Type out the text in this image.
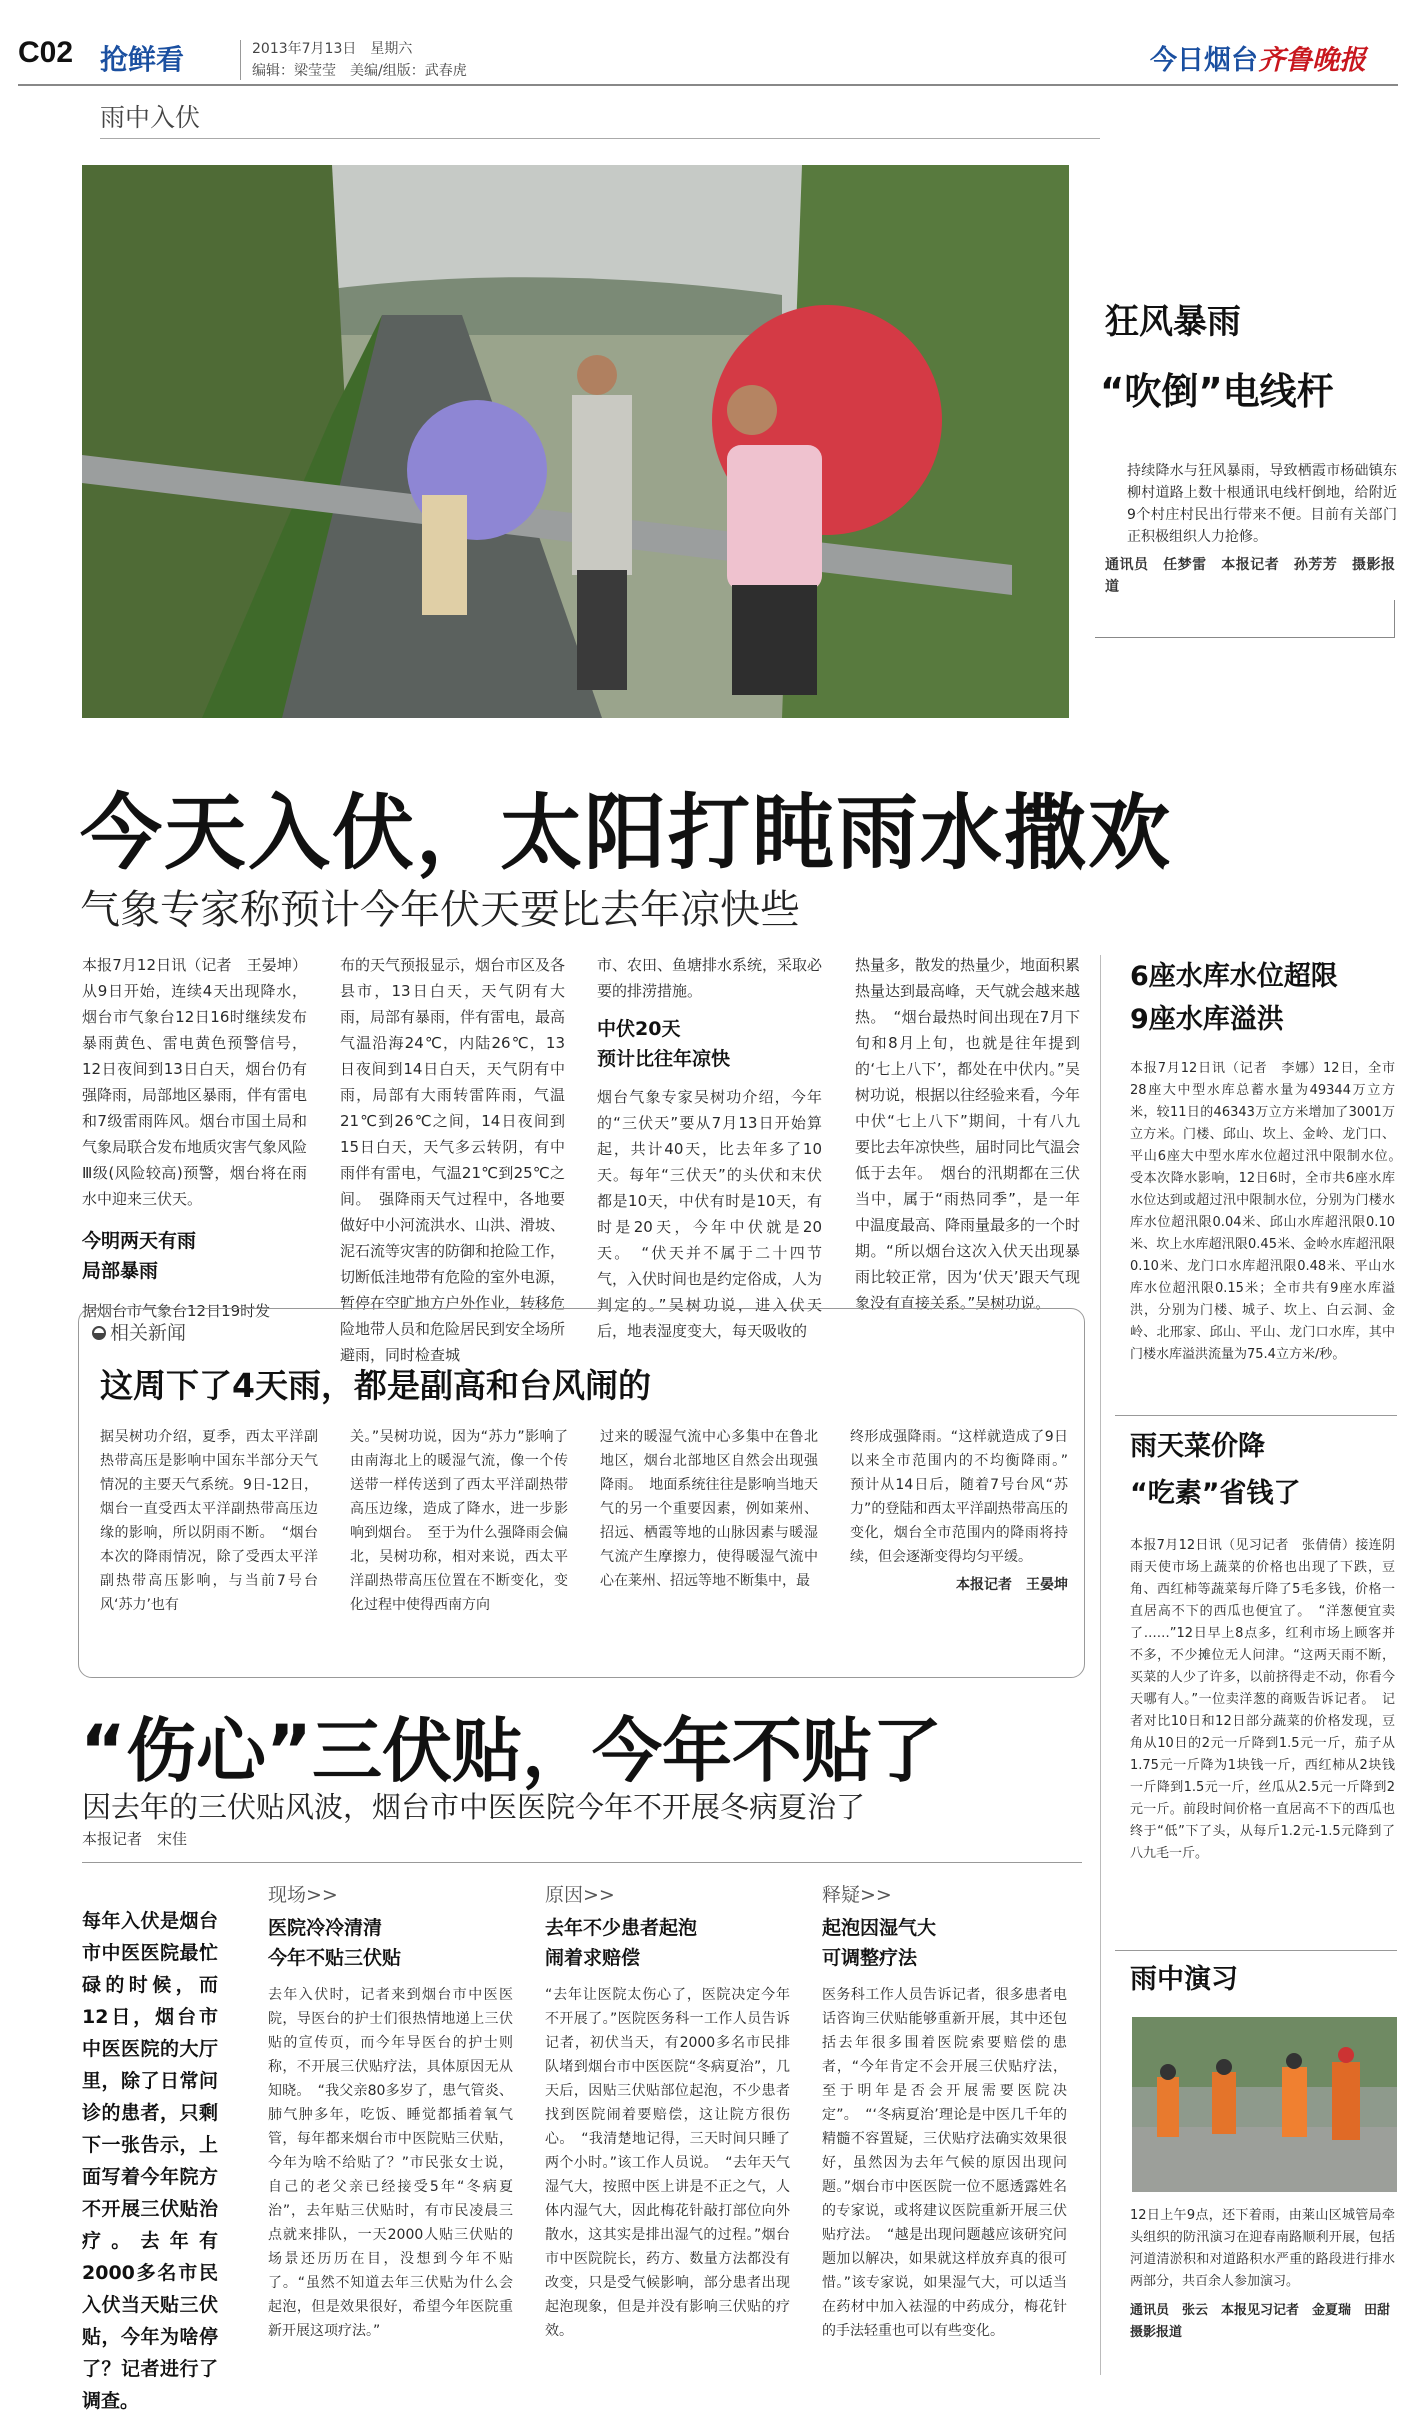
C02 抢鲜看	2013年7月13日　星期六
编辑：梁莹莹　美编/组版：武春虎	今日烟台齐鲁晚报
雨中入伏
狂风暴雨
“吹倒”电线杆
持续降水与狂风暴雨，导致栖霞市杨础镇东柳村道路上数十根通讯电线杆倒地，给附近9个村庄村民出行带来不便。目前有关部门正积极组织人力抢修。
通讯员　任梦雷　本报记者　孙芳芳　摄影报道
今天入伏，太阳打盹雨水撒欢
气象专家称预计今年伏天要比去年凉快些
本报7月12日讯（记者　王晏坤）从9日开始，连续4天出现降水，烟台市气象台12日16时继续发布暴雨黄色、雷电黄色预警信号，12日夜间到13日白天，烟台仍有强降雨，局部地区暴雨，伴有雷电和7级雷雨阵风。烟台市国土局和气象局联合发布地质灾害气象风险Ⅲ级(风险较高)预警，烟台将在雨水中迎来三伏天。
今明两天有雨
局部暴雨
据烟台市气象台12日19时发
布的天气预报显示，烟台市区及各县市，13日白天，天气阴有大雨，局部有暴雨，伴有雷电，最高气温沿海24℃，内陆26℃，13日夜间到14日白天，天气阴有中雨，局部有大雨转雷阵雨，气温21℃到26℃之间，14日夜间到15日白天，天气多云转阴，有中雨伴有雷电，气温21℃到25℃之间。　强降雨天气过程中，各地要做好中小河流洪水、山洪、滑坡、泥石流等灾害的防御和抢险工作，切断低洼地带有危险的室外电源，暂停在空旷地方户外作业，转移危险地带人员和危险居民到安全场所避雨，同时检查城
市、农田、鱼塘排水系统，采取必要的排涝措施。
中伏20天
预计比往年凉快
烟台气象专家吴树功介绍，今年的“三伏天”要从7月13日开始算起，共计40天，比去年多了10天。每年“三伏天”的头伏和末伏都是10天，中伏有时是10天，有时是20天，今年中伏就是20天。　“伏天并不属于二十四节气，入伏时间也是约定俗成，人为判定的。”吴树功说，进入伏天后，地表湿度变大，每天吸收的
热量多，散发的热量少，地面积累热量达到最高峰，天气就会越来越热。　“烟台最热时间出现在7月下旬和8月上旬，也就是往年提到的‘七上八下’，都处在中伏内。”吴树功说，根据以往经验来看，今年中伏“七上八下”期间，十有八九要比去年凉快些，届时同比气温会低于去年。　烟台的汛期都在三伏当中，属于“雨热同季”，是一年中温度最高、降雨量最多的一个时期。“所以烟台这次入伏天出现暴雨比较正常，因为‘伏天’跟天气现象没有直接关系。”吴树功说。
相关新闻
这周下了4天雨，都是副高和台风闹的
据吴树功介绍，夏季，西太平洋副热带高压是影响中国东半部分天气情况的主要天气系统。9日-12日，烟台一直受西太平洋副热带高压边缘的影响，所以阴雨不断。　“烟台本次的降雨情况，除了受西太平洋副热带高压影响，与当前7号台风‘苏力’也有
关。”吴树功说，因为“苏力”影响了由南海北上的暖湿气流，像一个传送带一样传送到了西太平洋副热带高压边缘，造成了降水，进一步影响到烟台。　至于为什么强降雨会偏北，吴树功称，相对来说，西太平洋副热带高压位置在不断变化，变化过程中使得西南方向
过来的暖湿气流中心多集中在鲁北地区，烟台北部地区自然会出现强降雨。　地面系统往往是影响当地天气的另一个重要因素，例如莱州、招远、栖霞等地的山脉因素与暖湿气流产生摩擦力，使得暖湿气流中心在莱州、招远等地不断集中，最
终形成强降雨。“这样就造成了9日以来全市范围内的不均衡降雨。”　预计从14日后，随着7号台风“苏力”的登陆和西太平洋副热带高压的变化，烟台全市范围内的降雨将持续，但会逐渐变得均匀平缓。
本报记者　王晏坤
“伤心”三伏贴，今年不贴了
因去年的三伏贴风波，烟台市中医医院今年不开展冬病夏治了
本报记者　宋佳
每年入伏是烟台市中医医院最忙碌的时候，而12日，烟台市中医医院的大厅里，除了日常问诊的患者，只剩下一张告示，上面写着今年院方不开展三伏贴治疗。去年有2000多名市民入伏当天贴三伏贴，今年为啥停了？记者进行了调查。
现场>>
医院冷冷清清
今年不贴三伏贴
去年入伏时，记者来到烟台市中医医院，导医台的护士们很热情地递上三伏贴的宣传页，而今年导医台的护士则称，不开展三伏贴疗法，具体原因无从知晓。　“我父亲80多岁了，患气管炎、肺气肿多年，吃饭、睡觉都插着氧气管，每年都来烟台市中医院贴三伏贴，今年为啥不给贴了？”市民张女士说，自己的老父亲已经接受5年“冬病夏治”，去年贴三伏贴时，有市民凌晨三点就来排队，一天2000人贴三伏贴的场景还历历在目，没想到今年不贴了。“虽然不知道去年三伏贴为什么会起泡，但是效果很好，希望今年医院重新开展这项疗法。”
原因>>
去年不少患者起泡
闹着求赔偿
“去年让医院太伤心了，医院决定今年不开展了。”医院医务科一工作人员告诉记者，初伏当天，有2000多名市民排队堵到烟台市中医医院“冬病夏治”，几天后，因贴三伏贴部位起泡，不少患者找到医院闹着要赔偿，这让院方很伤心。　“我清楚地记得，三天时间只睡了两个小时。”该工作人员说。　“去年天气湿气大，按照中医上讲是不正之气，人体内湿气大，因此梅花针敲打部位向外散水，这其实是排出湿气的过程。”烟台市中医院院长，药方、数量方法都没有改变，只是受气候影响，部分患者出现起泡现象，但是并没有影响三伏贴的疗效。
释疑>>
起泡因湿气大
可调整疗法
医务科工作人员告诉记者，很多患者电话咨询三伏贴能够重新开展，其中还包括去年很多围着医院索要赔偿的患者，“今年肯定不会开展三伏贴疗法，至于明年是否会开展需要医院决定”。　“‘冬病夏治’理论是中医几千年的精髓不容置疑，三伏贴疗法确实效果很好，虽然因为去年气候的原因出现问题。”烟台市中医医院一位不愿透露姓名的专家说，或将建议医院重新开展三伏贴疗法。　“越是出现问题越应该研究问题加以解决，如果就这样放弃真的很可惜。”该专家说，如果湿气大，可以适当在药材中加入祛湿的中药成分，梅花针的手法轻重也可以有些变化。
6座水库水位超限
9座水库溢洪
本报7月12日讯（记者　李娜）12日，全市28座大中型水库总蓄水量为49344万立方米，较11日的46343万立方米增加了3001万立方米。门楼、邱山、坎上、金岭、龙门口、平山6座大中型水库水位超过汛中限制水位。　受本次降水影响，12日6时，全市共6座水库水位达到或超过汛中限制水位，分别为门楼水库水位超汛限0.04米、邱山水库超汛限0.10米、坎上水库超汛限0.45米、金岭水库超汛限0.10米、龙门口水库超汛限0.48米、平山水库水位超汛限0.15米；全市共有9座水库溢洪，分别为门楼、城子、坎上、白云洞、金岭、北邢家、邱山、平山、龙门口水库，其中门楼水库溢洪流量为75.4立方米/秒。
雨天菜价降
“吃素”省钱了
本报7月12日讯（见习记者　张倩倩）接连阴雨天使市场上蔬菜的价格也出现了下跌，豆角、西红柿等蔬菜每斤降了5毛多钱，价格一直居高不下的西瓜也便宜了。　“洋葱便宜卖了……”12日早上8点多，红利市场上顾客并不多，不少摊位无人问津。“这两天雨不断，买菜的人少了许多，以前挤得走不动，你看今天哪有人。”一位卖洋葱的商贩告诉记者。　记者对比10日和12日部分蔬菜的价格发现，豆角从10日的2元一斤降到1.5元一斤，茄子从1.75元一斤降为1块钱一斤，西红柿从2块钱一斤降到1.5元一斤，丝瓜从2.5元一斤降到2元一斤。前段时间价格一直居高不下的西瓜也终于“低”下了头，从每斤1.2元-1.5元降到了八九毛一斤。
雨中演习
12日上午9点，还下着雨，由莱山区城管局牵头组织的防汛演习在迎春南路顺利开展，包括河道清淤积和对道路积水严重的路段进行排水两部分，共百余人参加演习。
通讯员　张云　本报见习记者　金夏瑞　田甜　摄影报道
